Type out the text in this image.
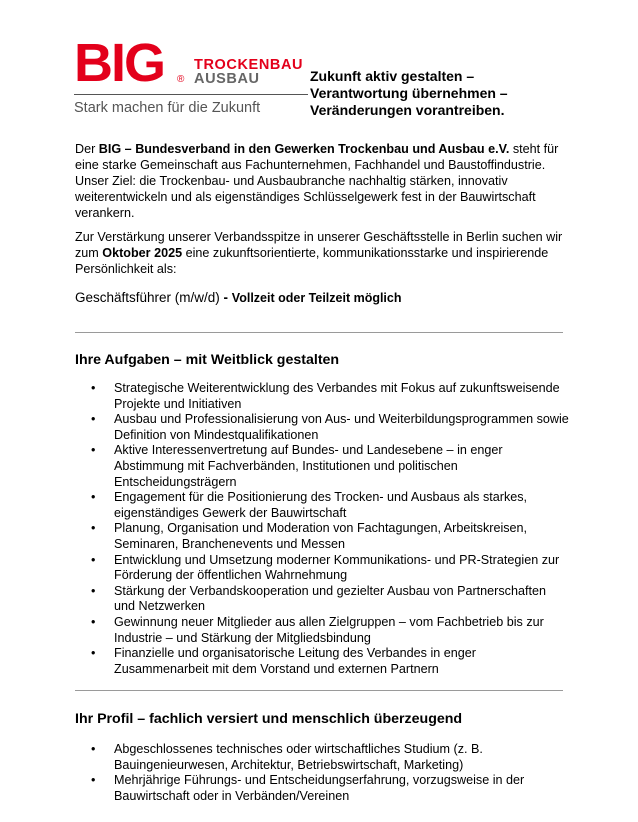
BIG ®
TROCKENBAU
AUSBAU
Stark machen für die Zukunft
Zukunft aktiv gestalten –
Verantwortung übernehmen –
Veränderungen vorantreiben.

Der BIG – Bundesverband in den Gewerken Trockenbau und Ausbau e.V. steht für eine starke Gemeinschaft aus Fachunternehmen, Fachhandel und Baustoffindustrie. Unser Ziel: die Trockenbau- und Ausbaubranche nachhaltig stärken, innovativ weiterentwickeln und als eigenständiges Schlüsselgewerk fest in der Bauwirtschaft verankern.

Zur Verstärkung unserer Verbandsspitze in unserer Geschäftsstelle in Berlin suchen wir zum Oktober 2025 eine zukunftsorientierte, kommunikationsstarke und inspirierende Persönlichkeit als:

Geschäftsführer (m/w/d) - Vollzeit oder Teilzeit möglich
Ihre Aufgaben – mit Weitblick gestalten
• Strategische Weiterentwicklung des Verbandes mit Fokus auf zukunftsweisende Projekte und Initiativen
• Ausbau und Professionalisierung von Aus- und Weiterbildungsprogrammen sowie Definition von Mindestqualifikationen
• Aktive Interessenvertretung auf Bundes- und Landesebene – in enger Abstimmung mit Fachverbänden, Institutionen und politischen Entscheidungsträgern
• Engagement für die Positionierung des Trocken- und Ausbaus als starkes, eigenständiges Gewerk der Bauwirtschaft
• Planung, Organisation und Moderation von Fachtagungen, Arbeitskreisen, Seminaren, Branchenevents und Messen
• Entwicklung und Umsetzung moderner Kommunikations- und PR-Strategien zur Förderung der öffentlichen Wahrnehmung
• Stärkung der Verbandskooperation und gezielter Ausbau von Partnerschaften und Netzwerken
• Gewinnung neuer Mitglieder aus allen Zielgruppen – vom Fachbetrieb bis zur Industrie – und Stärkung der Mitgliedsbindung
• Finanzielle und organisatorische Leitung des Verbandes in enger Zusammenarbeit mit dem Vorstand und externen Partnern
Ihr Profil – fachlich versiert und menschlich überzeugend
• Abgeschlossenes technisches oder wirtschaftliches Studium (z. B. Bauingenieurwesen, Architektur, Betriebswirtschaft, Marketing)
• Mehrjährige Führungs- und Entscheidungserfahrung, vorzugsweise in der Bauwirtschaft oder in Verbänden/Vereinen
